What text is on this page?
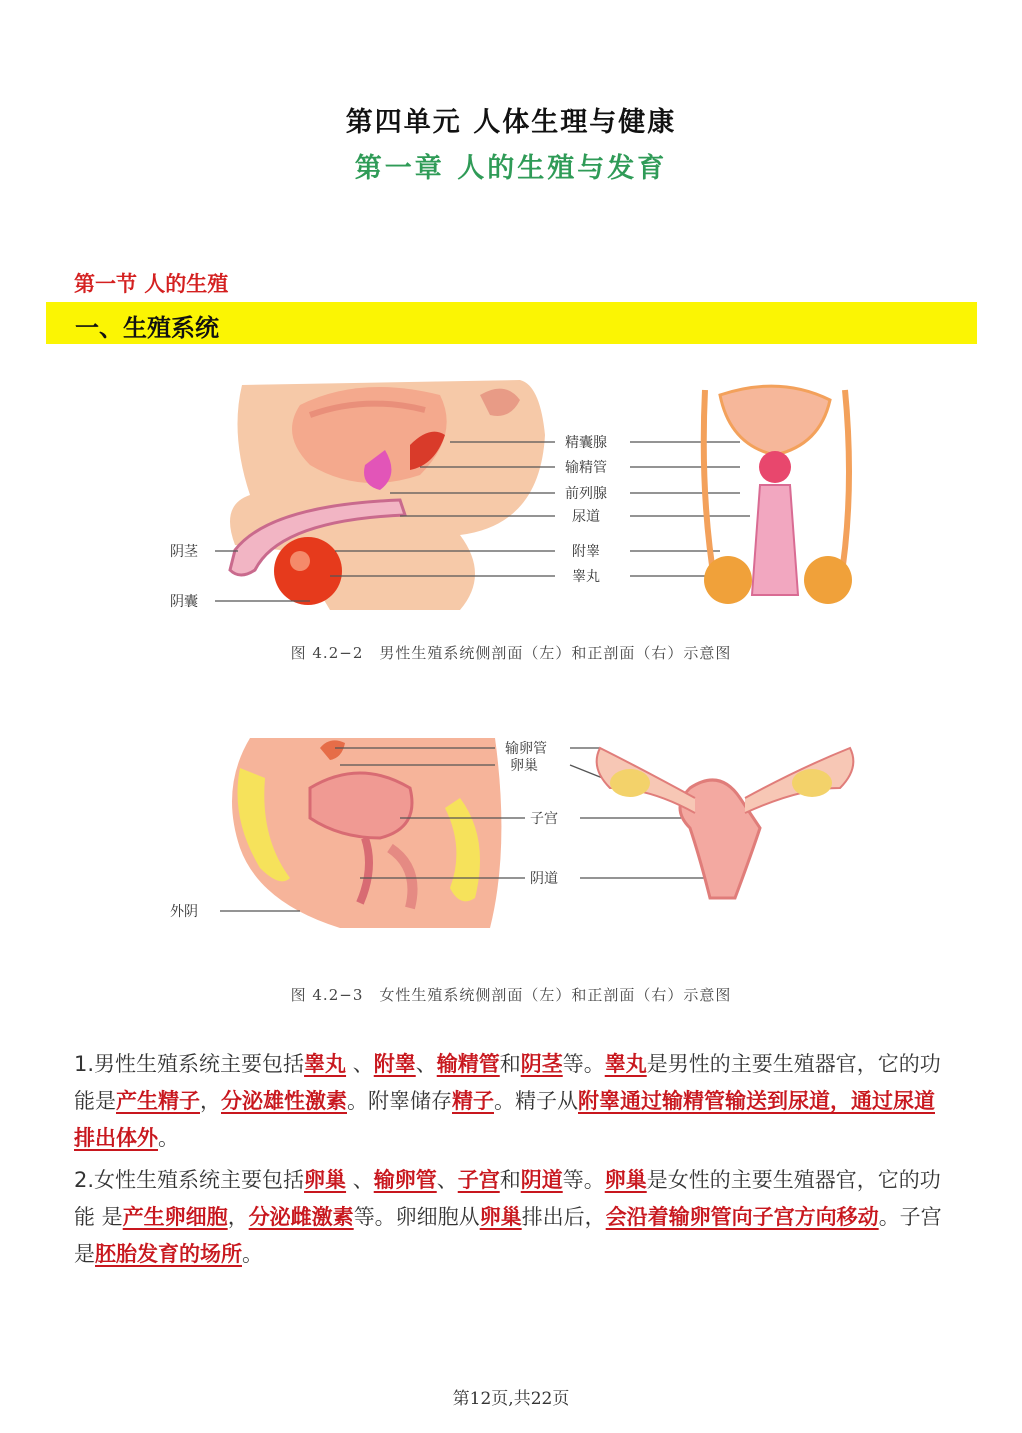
第四单元 人体生理与健康
第一章 人的生殖与发育
第一节 人的生殖
一、生殖系统
精囊腺
输精管
前列腺
尿道
附睾
睾丸
阴茎
阴囊
图 4.2−2　男性生殖系统侧剖面（左）和正剖面（右）示意图
输卵管
卵巢
子宫
阴道
外阴
图 4.2−3　女性生殖系统侧剖面（左）和正剖面（右）示意图
1.男性生殖系统主要包括睾丸 、附睾、输精管和阴茎等。睾丸是男性的主要生殖器官，它的功能是产生精子，分泌雄性激素。附睾储存精子。精子从附睾通过输精管输送到尿道，通过尿道排出体外。
2.女性生殖系统主要包括卵巢 、输卵管、子宫和阴道等。卵巢是女性的主要生殖器官，它的功能 是产生卵细胞，分泌雌激素等。卵细胞从卵巢排出后，会沿着输卵管向子宫方向移动。子宫是胚胎发育的场所。
第12页,共22页
